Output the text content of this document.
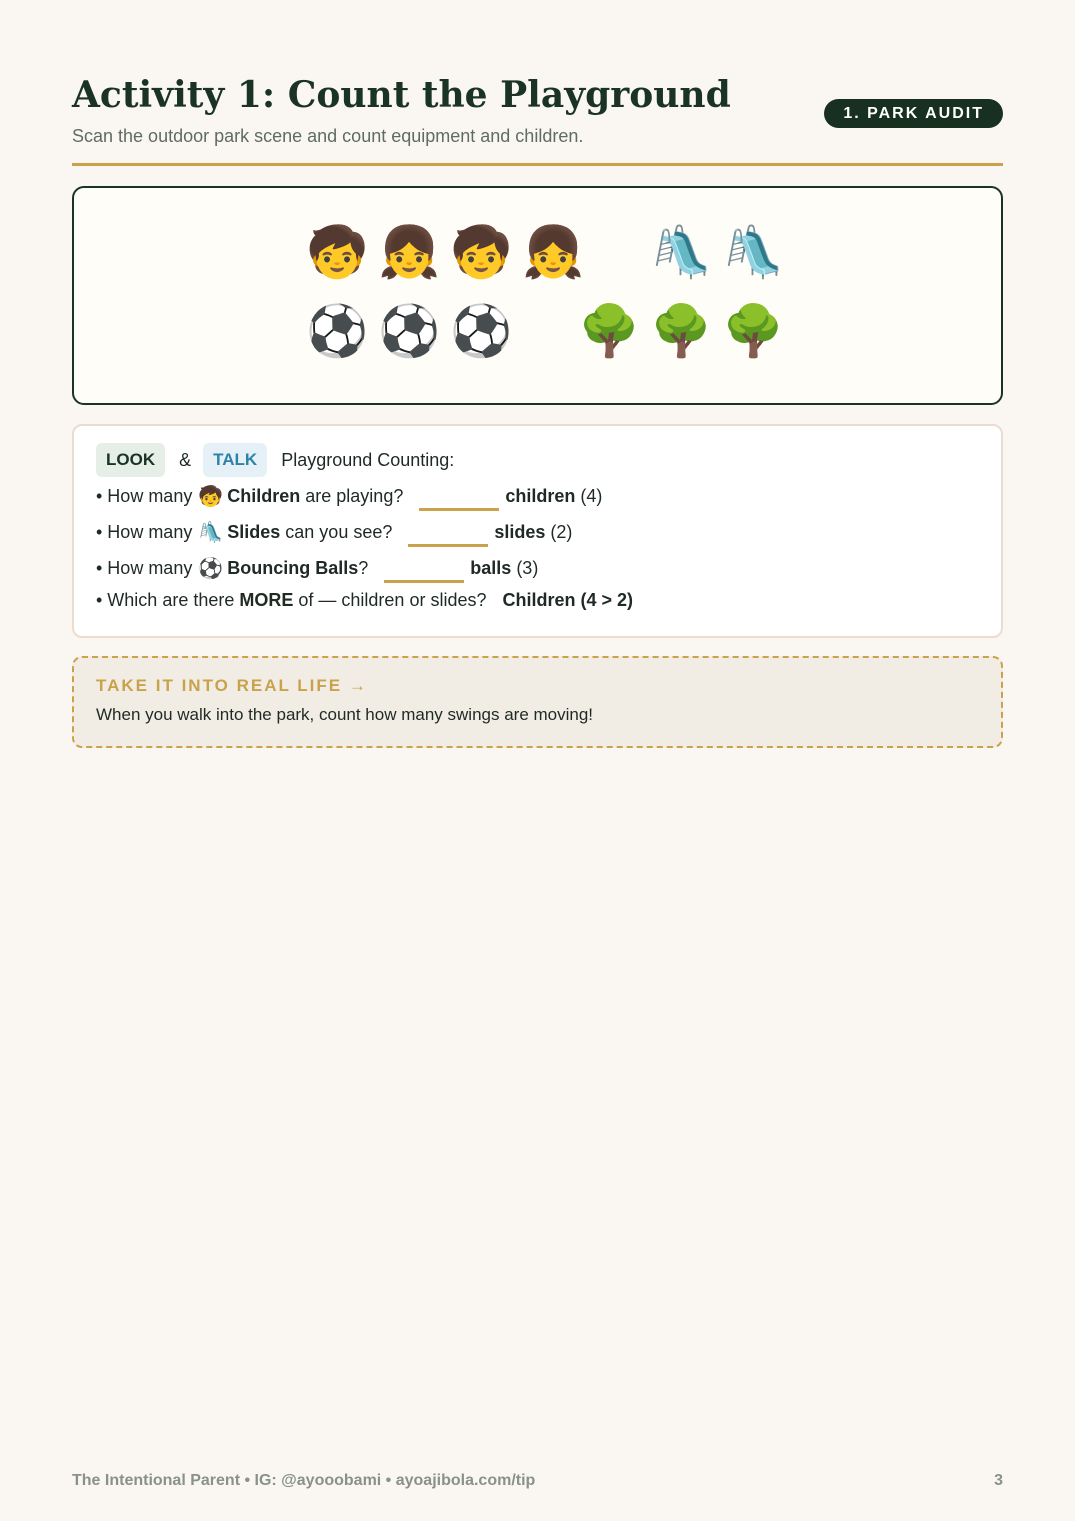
Activity 1: Count the Playground
Scan the outdoor park scene and count equipment and children.
1. PARK AUDIT
🧒 👧 🧒 👧 🛝 🛝
⚽ ⚽ ⚽ 🌳 🌳 🌳
LOOK	&	TALK	Playground Counting:
• How many 🧒 Children
are playing?	children
(4)
• How many 🛝 Slides
can you see?	slides
(2)
• How many ⚽ Bouncing Balls ?	balls
(3)
• Which are there
MORE
of — children or slides? Children (4 > 2)
TAKE IT INTO REAL LIFE →
When you walk into the park, count how many swings are moving!
The Intentional Parent • IG: @ayooobami • ayoajibola.com/tip	3
